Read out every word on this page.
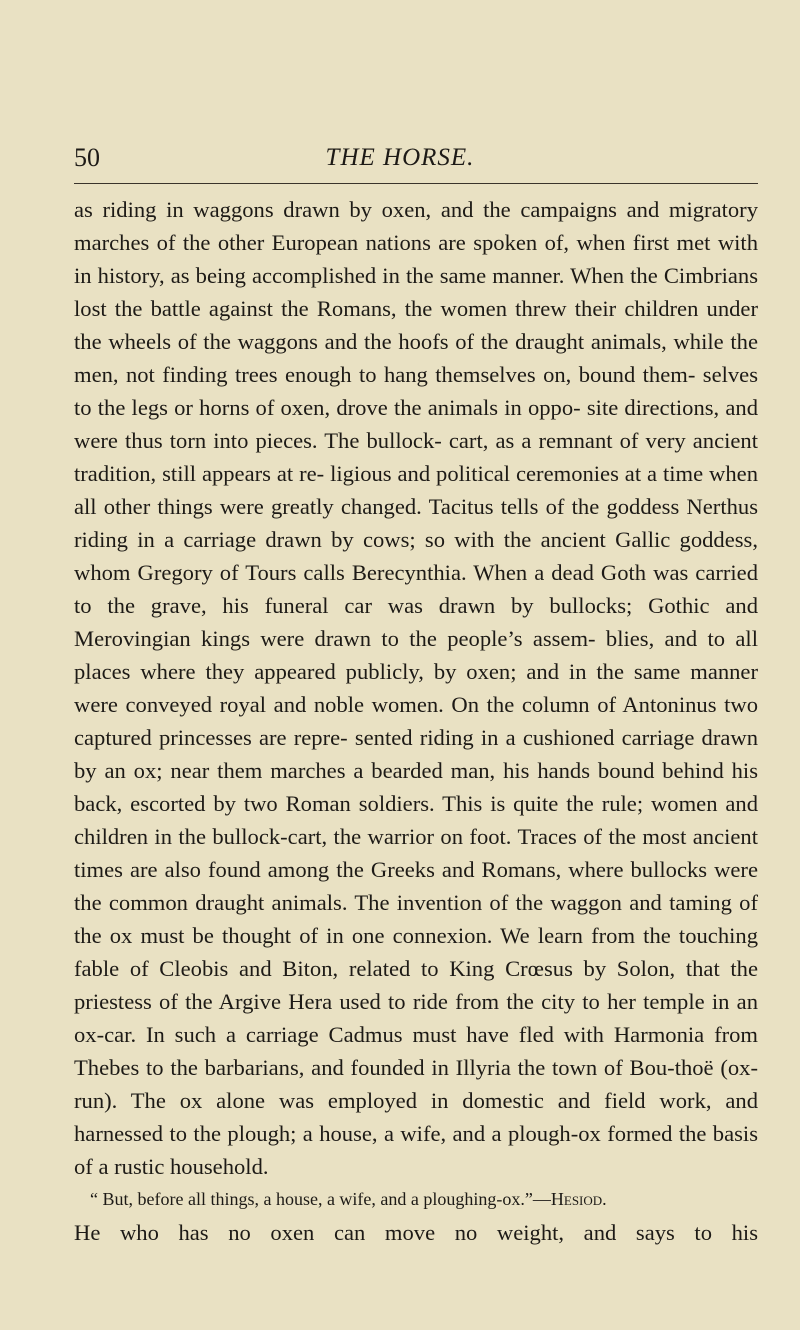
50	THE HORSE.

as riding in waggons drawn by oxen, and the campaigns and migratory marches of the other European nations are spoken of, when first met with in history, as being accomplished in the same manner. When the Cimbrians lost the battle against the Romans, the women threw their children under the wheels of the waggons and the hoofs of the draught animals, while the men, not finding trees enough to hang themselves on, bound them- selves to the legs or horns of oxen, drove the animals in oppo- site directions, and were thus torn into pieces. The bullock- cart, as a remnant of very ancient tradition, still appears at re- ligious and political ceremonies at a time when all other things were greatly changed. Tacitus tells of the goddess Nerthus riding in a carriage drawn by cows; so with the ancient Gallic goddess, whom Gregory of Tours calls Berecynthia. When a dead Goth was carried to the grave, his funeral car was drawn by bullocks; Gothic and Merovingian kings were drawn to the people’s assem- blies, and to all places where they appeared publicly, by oxen; and in the same manner were conveyed royal and noble women. On the column of Antoninus two captured princesses are repre- sented riding in a cushioned carriage drawn by an ox; near them marches a bearded man, his hands bound behind his back, escorted by two Roman soldiers. This is quite the rule; women and children in the bullock-cart, the warrior on foot. Traces of the most ancient times are also found among the Greeks and Romans, where bullocks were the common draught animals. The invention of the waggon and taming of the ox must be thought of in one connexion. We learn from the touching fable of Cleobis and Biton, related to King Crœsus by Solon, that the priestess of the Argive Hera used to ride from the city to her temple in an ox-car. In such a carriage Cadmus must have fled with Harmonia from Thebes to the barbarians, and founded in Illyria the town of Bou-thoë (ox-run). The ox alone was employed in domestic and field work, and harnessed to the plough; a house, a wife, and a plough-ox formed the basis of a rustic household.

“ But, before all things, a house, a wife, and a ploughing-ox.”—Hesiod.

He who has no oxen can move no weight, and says to his
